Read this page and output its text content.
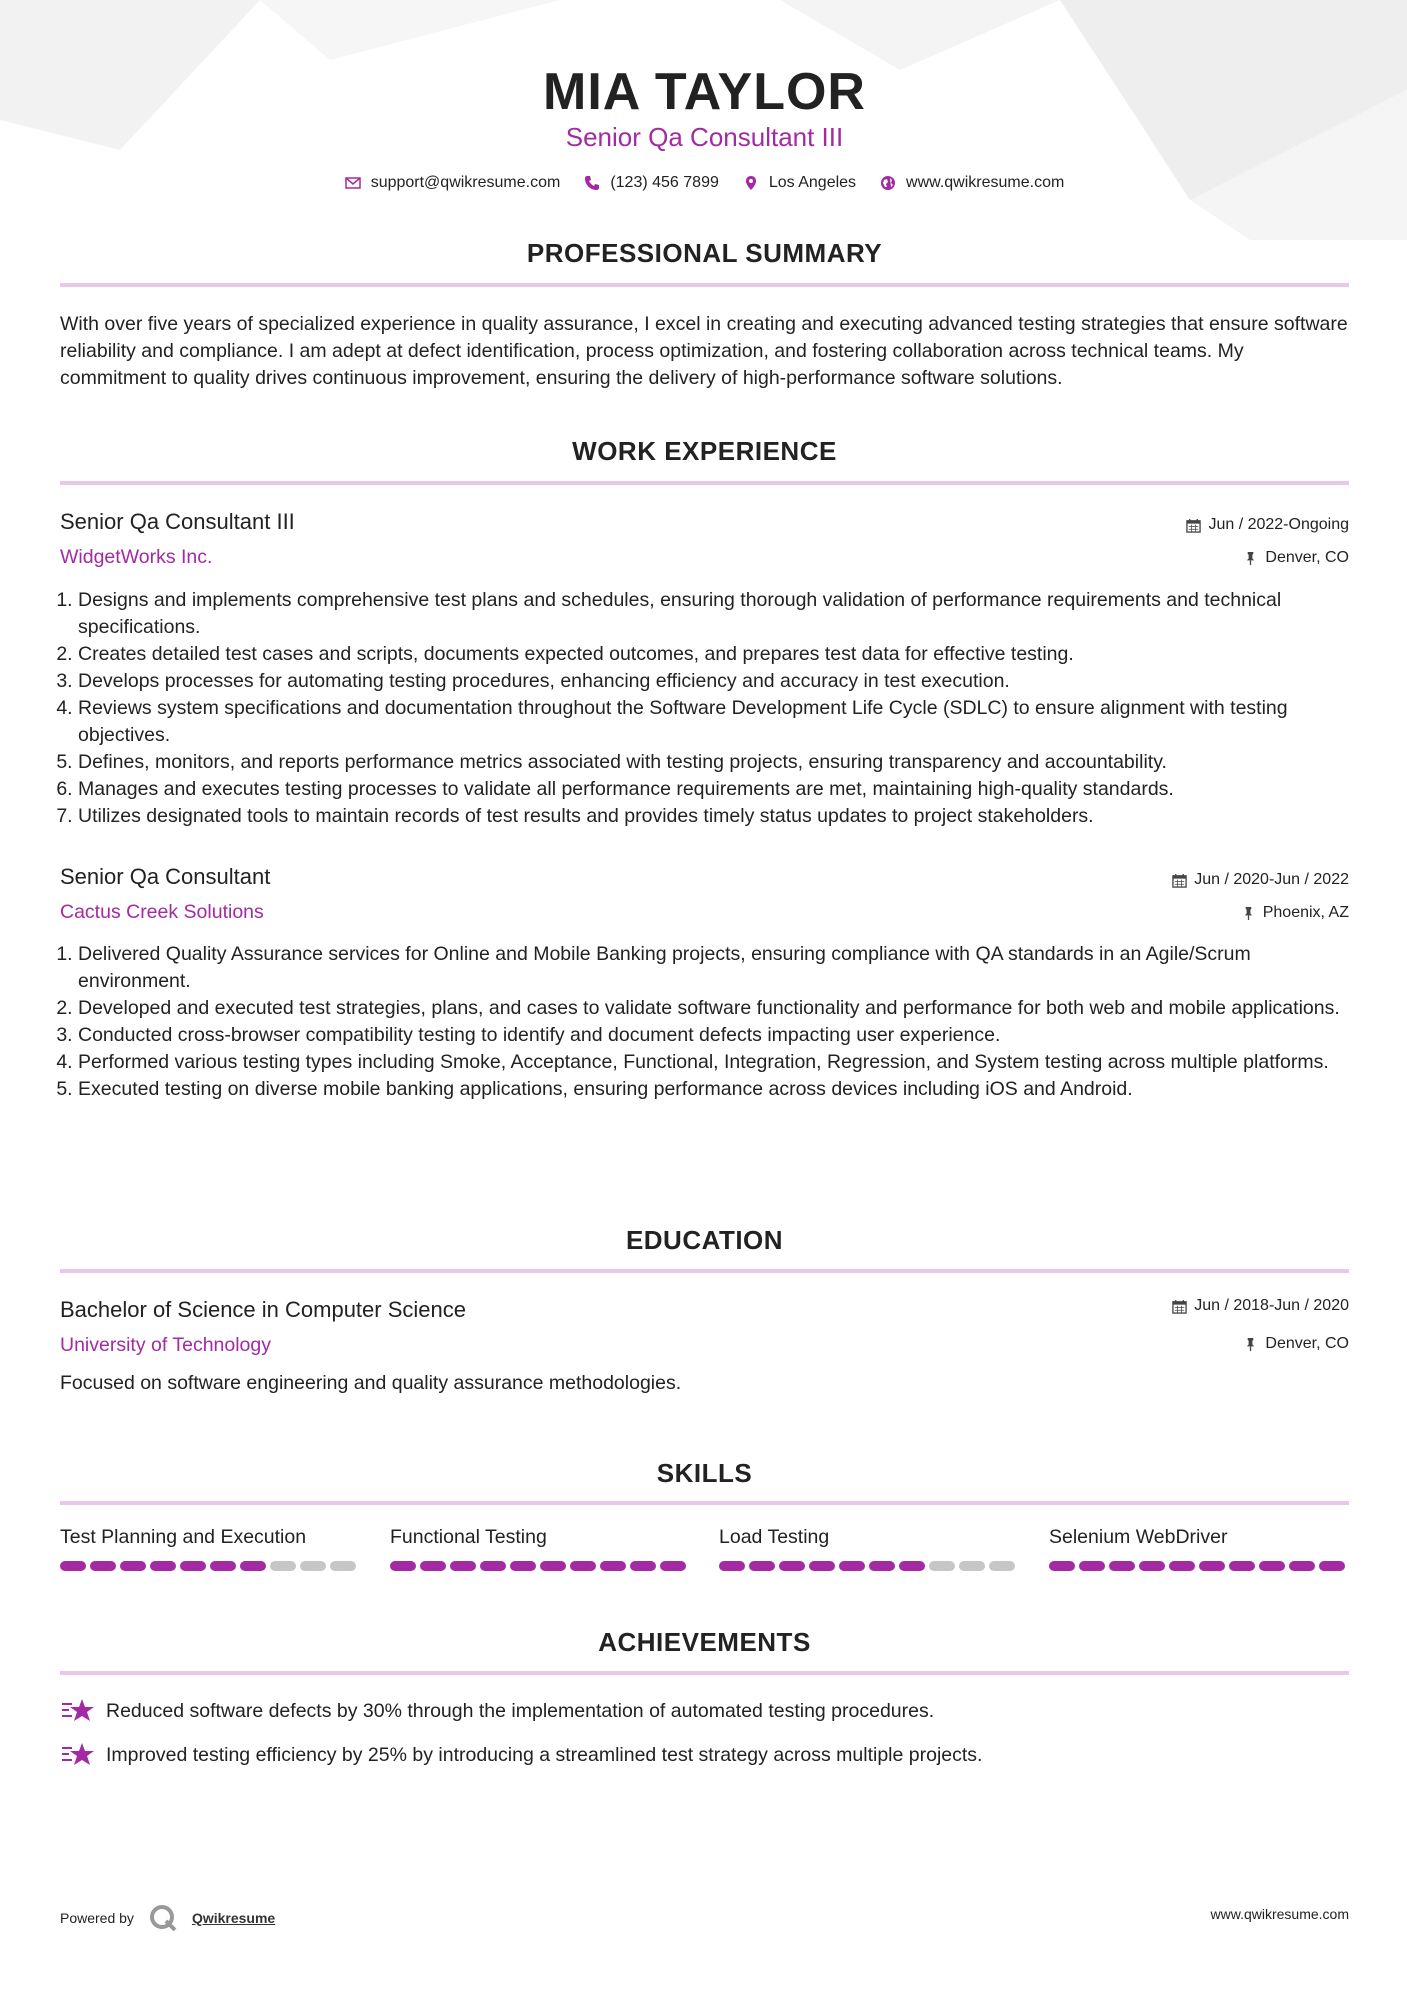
MIA TAYLOR
Senior Qa Consultant III
support@qwikresume.com	(123) 456 7899	Los Angeles	www.qwikresume.com
PROFESSIONAL SUMMARY
With over five years of specialized experience in quality assurance, I excel in creating and executing advanced testing strategies that ensure software reliability and compliance. I am adept at defect identification, process optimization, and fostering collaboration across technical teams. My commitment to quality drives continuous improvement, ensuring the delivery of high-performance software solutions.
WORK EXPERIENCE
Senior Qa Consultant III	Jun / 2022-Ongoing
WidgetWorks Inc.	Denver, CO
1. Designs and implements comprehensive test plans and schedules, ensuring thorough validation of performance requirements and technical specifications.
2. Creates detailed test cases and scripts, documents expected outcomes, and prepares test data for effective testing.
3. Develops processes for automating testing procedures, enhancing efficiency and accuracy in test execution.
4. Reviews system specifications and documentation throughout the Software Development Life Cycle (SDLC) to ensure alignment with testing objectives.
5. Defines, monitors, and reports performance metrics associated with testing projects, ensuring transparency and accountability.
6. Manages and executes testing processes to validate all performance requirements are met, maintaining high-quality standards.
7. Utilizes designated tools to maintain records of test results and provides timely status updates to project stakeholders.
Senior Qa Consultant	Jun / 2020-Jun / 2022
Cactus Creek Solutions	Phoenix, AZ
1. Delivered Quality Assurance services for Online and Mobile Banking projects, ensuring compliance with QA standards in an Agile/Scrum environment.
2. Developed and executed test strategies, plans, and cases to validate software functionality and performance for both web and mobile applications.
3. Conducted cross-browser compatibility testing to identify and document defects impacting user experience.
4. Performed various testing types including Smoke, Acceptance, Functional, Integration, Regression, and System testing across multiple platforms.
5. Executed testing on diverse mobile banking applications, ensuring performance across devices including iOS and Android.
EDUCATION
Bachelor of Science in Computer Science	Jun / 2018-Jun / 2020
University of Technology	Denver, CO
Focused on software engineering and quality assurance methodologies.
SKILLS
Test Planning and Execution	Functional Testing	Load Testing	Selenium WebDriver
ACHIEVEMENTS
Reduced software defects by 30% through the implementation of automated testing procedures.
Improved testing efficiency by 25% by introducing a streamlined test strategy across multiple projects.
Powered by	Qwikresume	www.qwikresume.com
